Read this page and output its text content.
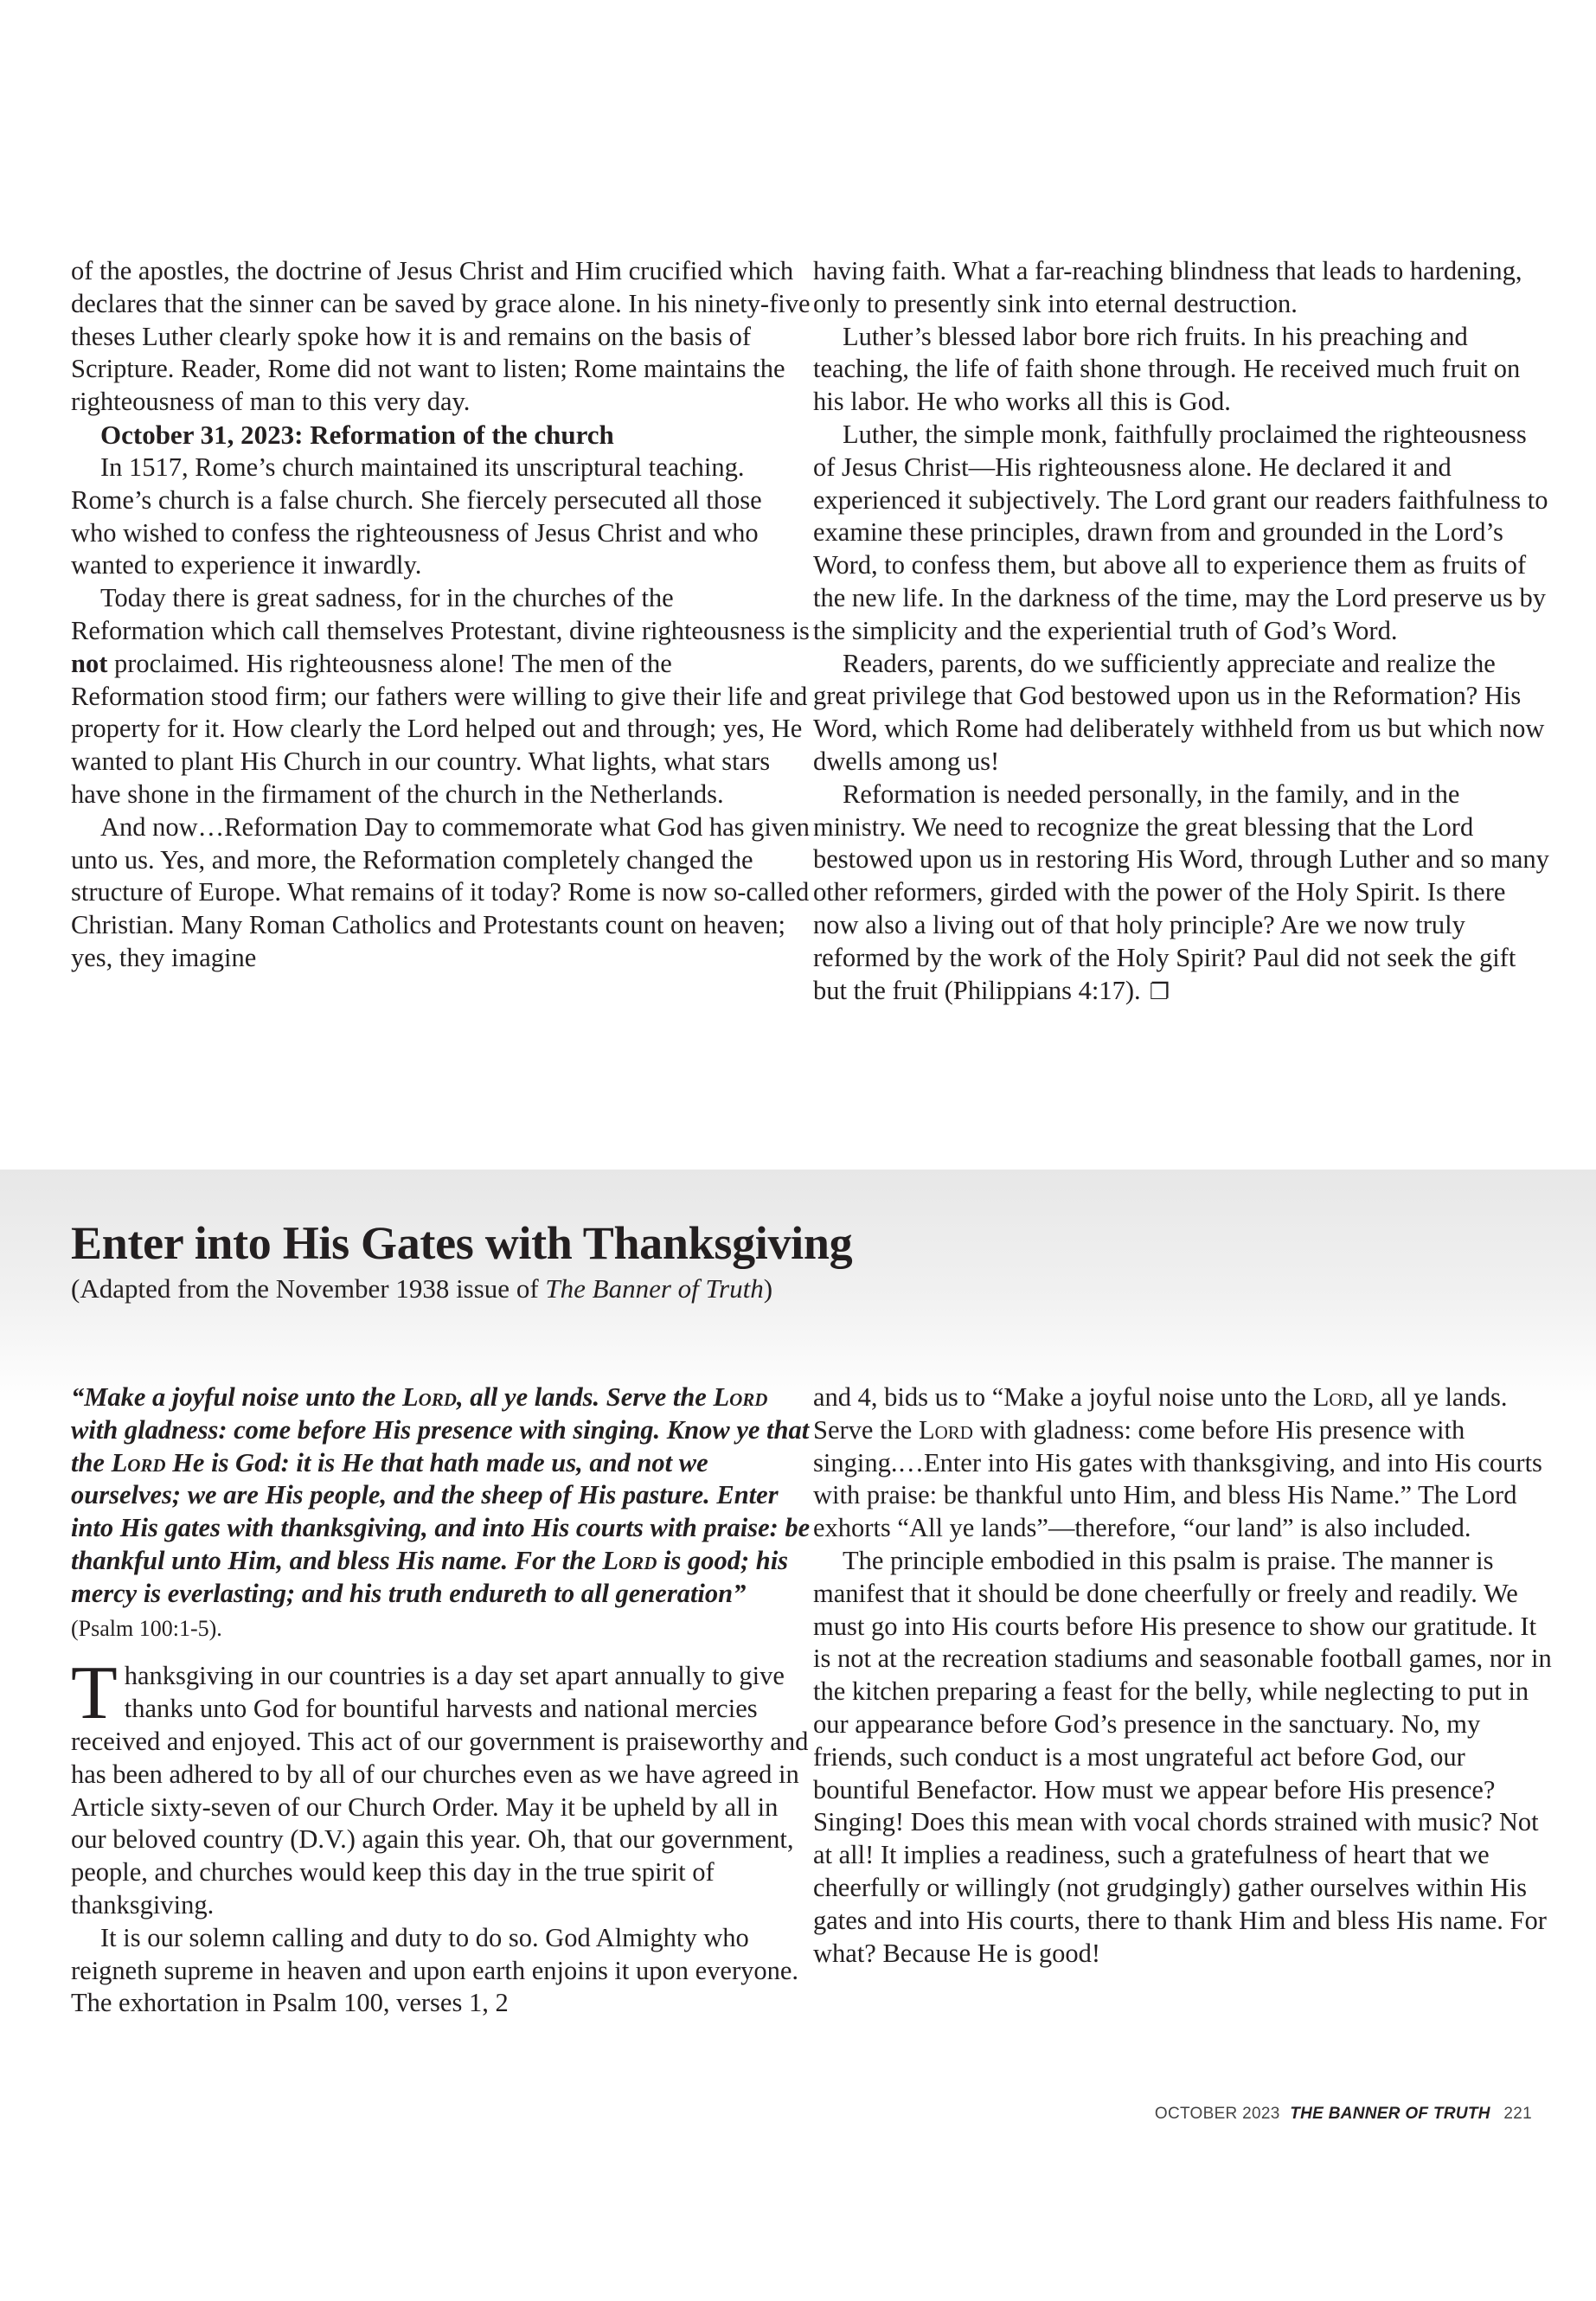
of the apostles, the doctrine of Jesus Christ and Him crucified which declares that the sinner can be saved by grace alone. In his ninety-five theses Luther clearly spoke how it is and remains on the basis of Scripture. Reader, Rome did not want to listen; Rome maintains the righteousness of man to this very day.

October 31, 2023: Reformation of the church

In 1517, Rome’s church maintained its unscriptural teaching. Rome’s church is a false church. She fiercely persecuted all those who wished to confess the righteousness of Jesus Christ and who wanted to experience it inwardly.

Today there is great sadness, for in the churches of the Reformation which call themselves Protestant, divine righteousness is not proclaimed. His righteousness alone! The men of the Reformation stood firm; our fathers were willing to give their life and property for it. How clearly the Lord helped out and through; yes, He wanted to plant His Church in our country. What lights, what stars have shone in the firmament of the church in the Netherlands.

And now…Reformation Day to commemorate what God has given unto us. Yes, and more, the Reformation completely changed the structure of Europe. What remains of it today? Rome is now so-called Christian. Many Roman Catholics and Protestants count on heaven; yes, they imagine

having faith. What a far-reaching blindness that leads to hardening, only to presently sink into eternal destruction.

Luther’s blessed labor bore rich fruits. In his preaching and teaching, the life of faith shone through. He received much fruit on his labor. He who works all this is God.

Luther, the simple monk, faithfully proclaimed the righteousness of Jesus Christ—His righteousness alone. He declared it and experienced it subjectively. The Lord grant our readers faithfulness to examine these principles, drawn from and grounded in the Lord’s Word, to confess them, but above all to experience them as fruits of the new life. In the darkness of the time, may the Lord preserve us by the simplicity and the experiential truth of God’s Word.

Readers, parents, do we sufficiently appreciate and realize the great privilege that God bestowed upon us in the Reformation? His Word, which Rome had deliberately withheld from us but which now dwells among us!

Reformation is needed personally, in the family, and in the ministry. We need to recognize the great blessing that the Lord bestowed upon us in restoring His Word, through Luther and so many other reformers, girded with the power of the Holy Spirit. Is there now also a living out of that holy principle? Are we now truly reformed by the work of the Holy Spirit? Paul did not seek the gift but the fruit (Philippians 4:17). ❐

Enter into His Gates with Thanksgiving

(Adapted from the November 1938 issue of The Banner of Truth)

“Make a joyful noise unto the Lord, all ye lands. Serve the Lord with gladness: come before His presence with singing. Know ye that the Lord He is God: it is He that hath made us, and not we ourselves; we are His people, and the sheep of His pasture. Enter into His gates with thanksgiving, and into His courts with praise: be thankful unto Him, and bless His name. For the Lord is good; his mercy is everlasting; and his truth endureth to all generation” (Psalm 100:1-5).

Thanksgiving in our countries is a day set apart annually to give thanks unto God for bountiful harvests and national mercies received and enjoyed. This act of our government is praiseworthy and has been adhered to by all of our churches even as we have agreed in Article sixty-seven of our Church Order. May it be upheld by all in our beloved country (D.V.) again this year. Oh, that our government, people, and churches would keep this day in the true spirit of thanksgiving.

It is our solemn calling and duty to do so. God Almighty who reigneth supreme in heaven and upon earth enjoins it upon everyone. The exhortation in Psalm 100, verses 1, 2

and 4, bids us to “Make a joyful noise unto the Lord, all ye lands. Serve the Lord with gladness: come before His presence with singing.…Enter into His gates with thanksgiving, and into His courts with praise: be thankful unto Him, and bless His Name.” The Lord exhorts “All ye lands”—therefore, “our land” is also included.

The principle embodied in this psalm is praise. The manner is manifest that it should be done cheerfully or freely and readily. We must go into His courts before His presence to show our gratitude. It is not at the recreation stadiums and seasonable football games, nor in the kitchen preparing a feast for the belly, while neglecting to put in our appearance before God’s presence in the sanctuary. No, my friends, such conduct is a most ungrateful act before God, our bountiful Benefactor. How must we appear before His presence? Singing! Does this mean with vocal chords strained with music? Not at all! It implies a readiness, such a gratefulness of heart that we cheerfully or willingly (not grudgingly) gather ourselves within His gates and into His courts, there to thank Him and bless His name. For what? Because He is good!

OCTOBER 2023 THE BANNER OF TRUTH 221
